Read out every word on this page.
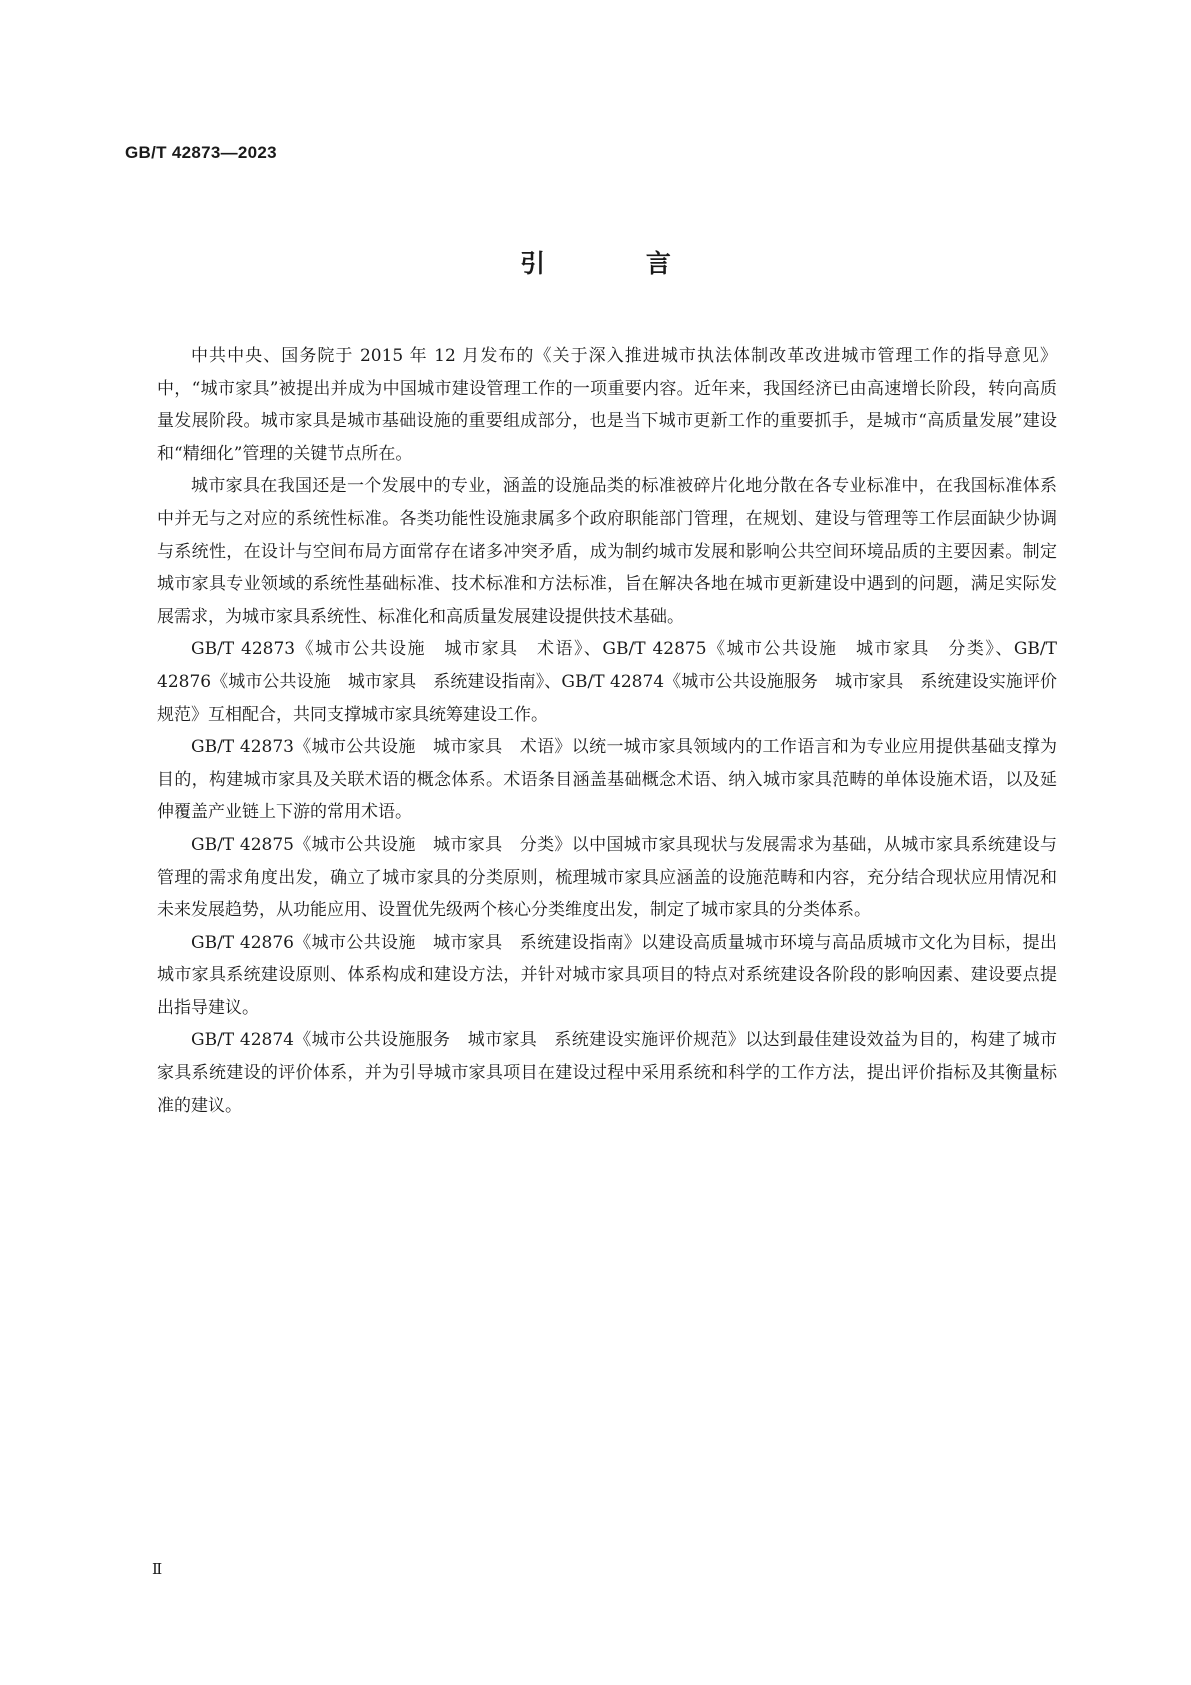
GB/T 42873—2023
引 言

中共中央、国务院于 2015 年 12 月发布的《关于深入推进城市执法体制改革改进城市管理工作的指导意见》中，“城市家具”被提出并成为中国城市建设管理工作的一项重要内容。近年来，我国经济已由高速增长阶段，转向高质量发展阶段。城市家具是城市基础设施的重要组成部分，也是当下城市更新工作的重要抓手，是城市“高质量发展”建设和“精细化”管理的关键节点所在。

城市家具在我国还是一个发展中的专业，涵盖的设施品类的标准被碎片化地分散在各专业标准中，在我国标准体系中并无与之对应的系统性标准。各类功能性设施隶属多个政府职能部门管理，在规划、建设与管理等工作层面缺少协调与系统性，在设计与空间布局方面常存在诸多冲突矛盾，成为制约城市发展和影响公共空间环境品质的主要因素。制定城市家具专业领域的系统性基础标准、技术标准和方法标准，旨在解决各地在城市更新建设中遇到的问题，满足实际发展需求，为城市家具系统性、标准化和高质量发展建设提供技术基础。

GB/T 42873《城市公共设施　城市家具　术语》、GB/T 42875《城市公共设施　城市家具　分类》、GB/T 42876《城市公共设施　城市家具　系统建设指南》、GB/T 42874《城市公共设施服务　城市家具　系统建设实施评价规范》互相配合，共同支撑城市家具统筹建设工作。

GB/T 42873《城市公共设施　城市家具　术语》以统一城市家具领域内的工作语言和为专业应用提供基础支撑为目的，构建城市家具及关联术语的概念体系。术语条目涵盖基础概念术语、纳入城市家具范畴的单体设施术语，以及延伸覆盖产业链上下游的常用术语。

GB/T 42875《城市公共设施　城市家具　分类》以中国城市家具现状与发展需求为基础，从城市家具系统建设与管理的需求角度出发，确立了城市家具的分类原则，梳理城市家具应涵盖的设施范畴和内容，充分结合现状应用情况和未来发展趋势，从功能应用、设置优先级两个核心分类维度出发，制定了城市家具的分类体系。

GB/T 42876《城市公共设施　城市家具　系统建设指南》以建设高质量城市环境与高品质城市文化为目标，提出城市家具系统建设原则、体系构成和建设方法，并针对城市家具项目的特点对系统建设各阶段的影响因素、建设要点提出指导建议。

GB/T 42874《城市公共设施服务　城市家具　系统建设实施评价规范》以达到最佳建设效益为目的，构建了城市家具系统建设的评价体系，并为引导城市家具项目在建设过程中采用系统和科学的工作方法，提出评价指标及其衡量标准的建议。

Ⅱ
